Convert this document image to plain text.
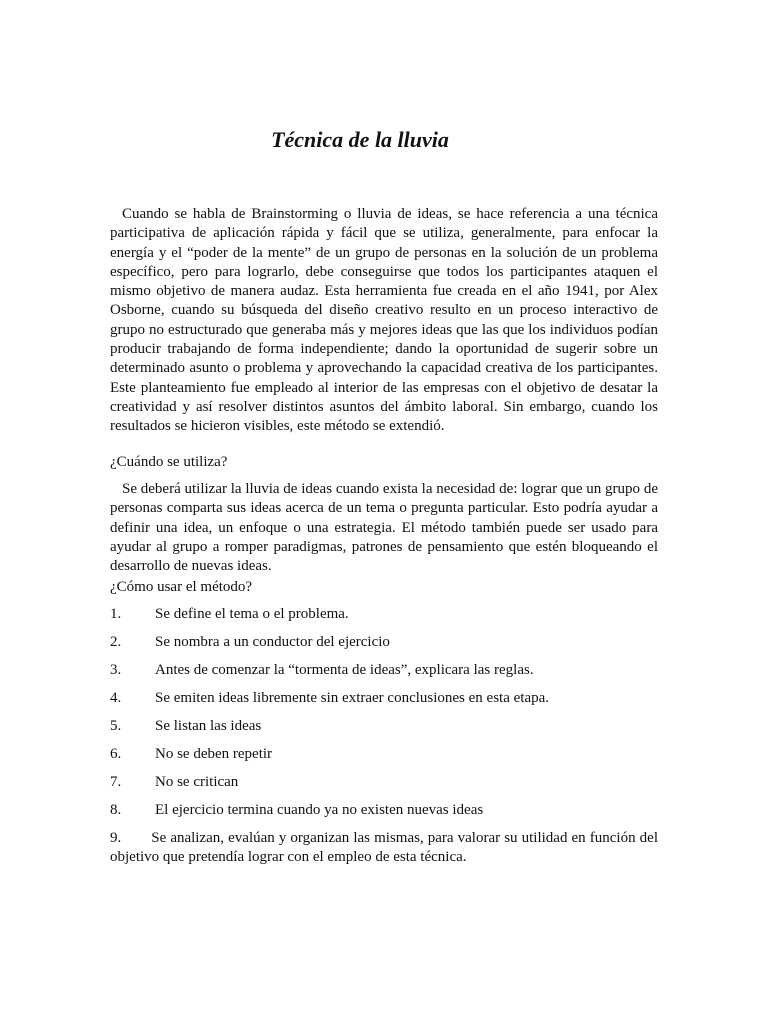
Técnica de la lluvia

Cuando se habla de Brainstorming o lluvia de ideas, se hace referencia a una técnica participativa de aplicación rápida y fácil que se utiliza, generalmente, para enfocar la energía y el “poder de la mente” de un grupo de personas en la solución de un problema específico, pero para lograrlo, debe conseguirse que todos los participantes ataquen el mismo objetivo de manera audaz. Esta herramienta fue creada en el año 1941, por Alex Osborne, cuando su búsqueda del diseño creativo resulto en un proceso interactivo de grupo no estructurado que generaba más y mejores ideas que las que los individuos podían producir trabajando de forma independiente; dando la oportunidad de sugerir sobre un determinado asunto o problema y aprovechando la capacidad creativa de los participantes. Este planteamiento fue empleado al interior de las empresas con el objetivo de desatar la creatividad y así resolver distintos asuntos del ámbito laboral. Sin embargo, cuando los resultados se hicieron visibles, este método se extendió.

¿Cuándo se utiliza?

Se deberá utilizar la lluvia de ideas cuando exista la necesidad de: lograr que un grupo de personas comparta sus ideas acerca de un tema o pregunta particular. Esto podría ayudar a definir una idea, un enfoque o una estrategia. El método también puede ser usado para ayudar al grupo a romper paradigmas, patrones de pensamiento que estén bloqueando el desarrollo de nuevas ideas.

¿Cómo usar el método?

1.	Se define el tema o el problema.
2.	Se nombra a un conductor del ejercicio
3.	Antes de comenzar la “tormenta de ideas”, explicara las reglas.
4.	Se emiten ideas libremente sin extraer conclusiones en esta etapa.
5.	Se listan las ideas
6.	No se deben repetir
7.	No se critican
8.	El ejercicio termina cuando ya no existen nuevas ideas
9. Se analizan, evalúan y organizan las mismas, para valorar su utilidad en función del objetivo que pretendía lograr con el empleo de esta técnica.
